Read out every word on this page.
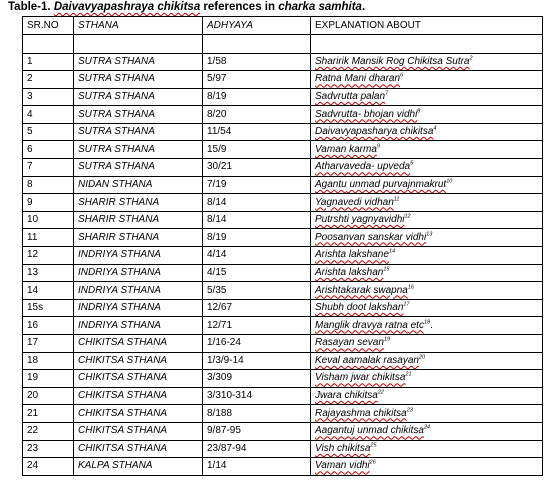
Table-1. Daivavyapashraya chikitsa references in charka samhita.
SR.NO	STHANA	ADHYAYA	EXPLANATION ABOUT

1	SUTRA STHANA	1/58	Sharirik Mansik Rog Chikitsa Sutra$^2$
2	SUTRA STHANA	5/97	Ratna Mani dharan$^6$
3	SUTRA STHANA	8/19	Sadvrutta palan$^7$
4	SUTRA STHANA	8/20	Sadvrutta- bhojan vidhi$^8$
5	SUTRA STHANA	11/54	Daivavyapasharya chikitsa$^4$
6	SUTRA STHANA	15/9	Vaman karma$^9$
7	SUTRA STHANA	30/21	Atharvaveda- upveda$^5$
8	NIDAN STHANA	7/19	Agantu unmad purvajnmakrut$^{10}$
9	SHARIR STHANA	8/14	Yagnavedi vidhan$^{11}$
10	SHARIR STHANA	8/14	Putrshti yagnyavidhi$^{12}$
11	SHARIR STHANA	8/19	Poosanvan sanskar vidhi$^{13}$
12	INDRIYA STHANA	4/14	Arishta lakshane$^{14}$
13	INDRIYA STHANA	4/15	Arishta lakshan$^{15}$
14	INDRIYA STHANA	5/35	Arishtakarak swapna$^{16}$
15s	INDRIYA STHANA	12/67	Shubh doot lakshan$^{17}$
16	INDRIYA STHANA	12/71	Manglik dravya ratna etc$^{18}$.
17	CHIKITSA STHANA	1/16-24	Rasayan sevan$^{19}$
18	CHIKITSA STHANA	1/3/9-14	Keval aamalak rasayan$^{20}$
19	CHIKITSA STHANA	3/309	Visham jwar chikitsa$^{21}$
20	CHIKITSA STHANA	3/310-314	Jwara chikitsa$^{22}$
21	CHIKITSA STHANA	8/188	Rajayashma chikitsa$^{23}$
22	CHIKITSA STHANA	9/87-95	Aagantuj unmad chikitsa$^{24}$
23	CHIKITSA STHANA	23/87-94	Vish chikitsa$^{25}$
24	KALPA STHANA	1/14	Vaman vidhi$^{26}$
